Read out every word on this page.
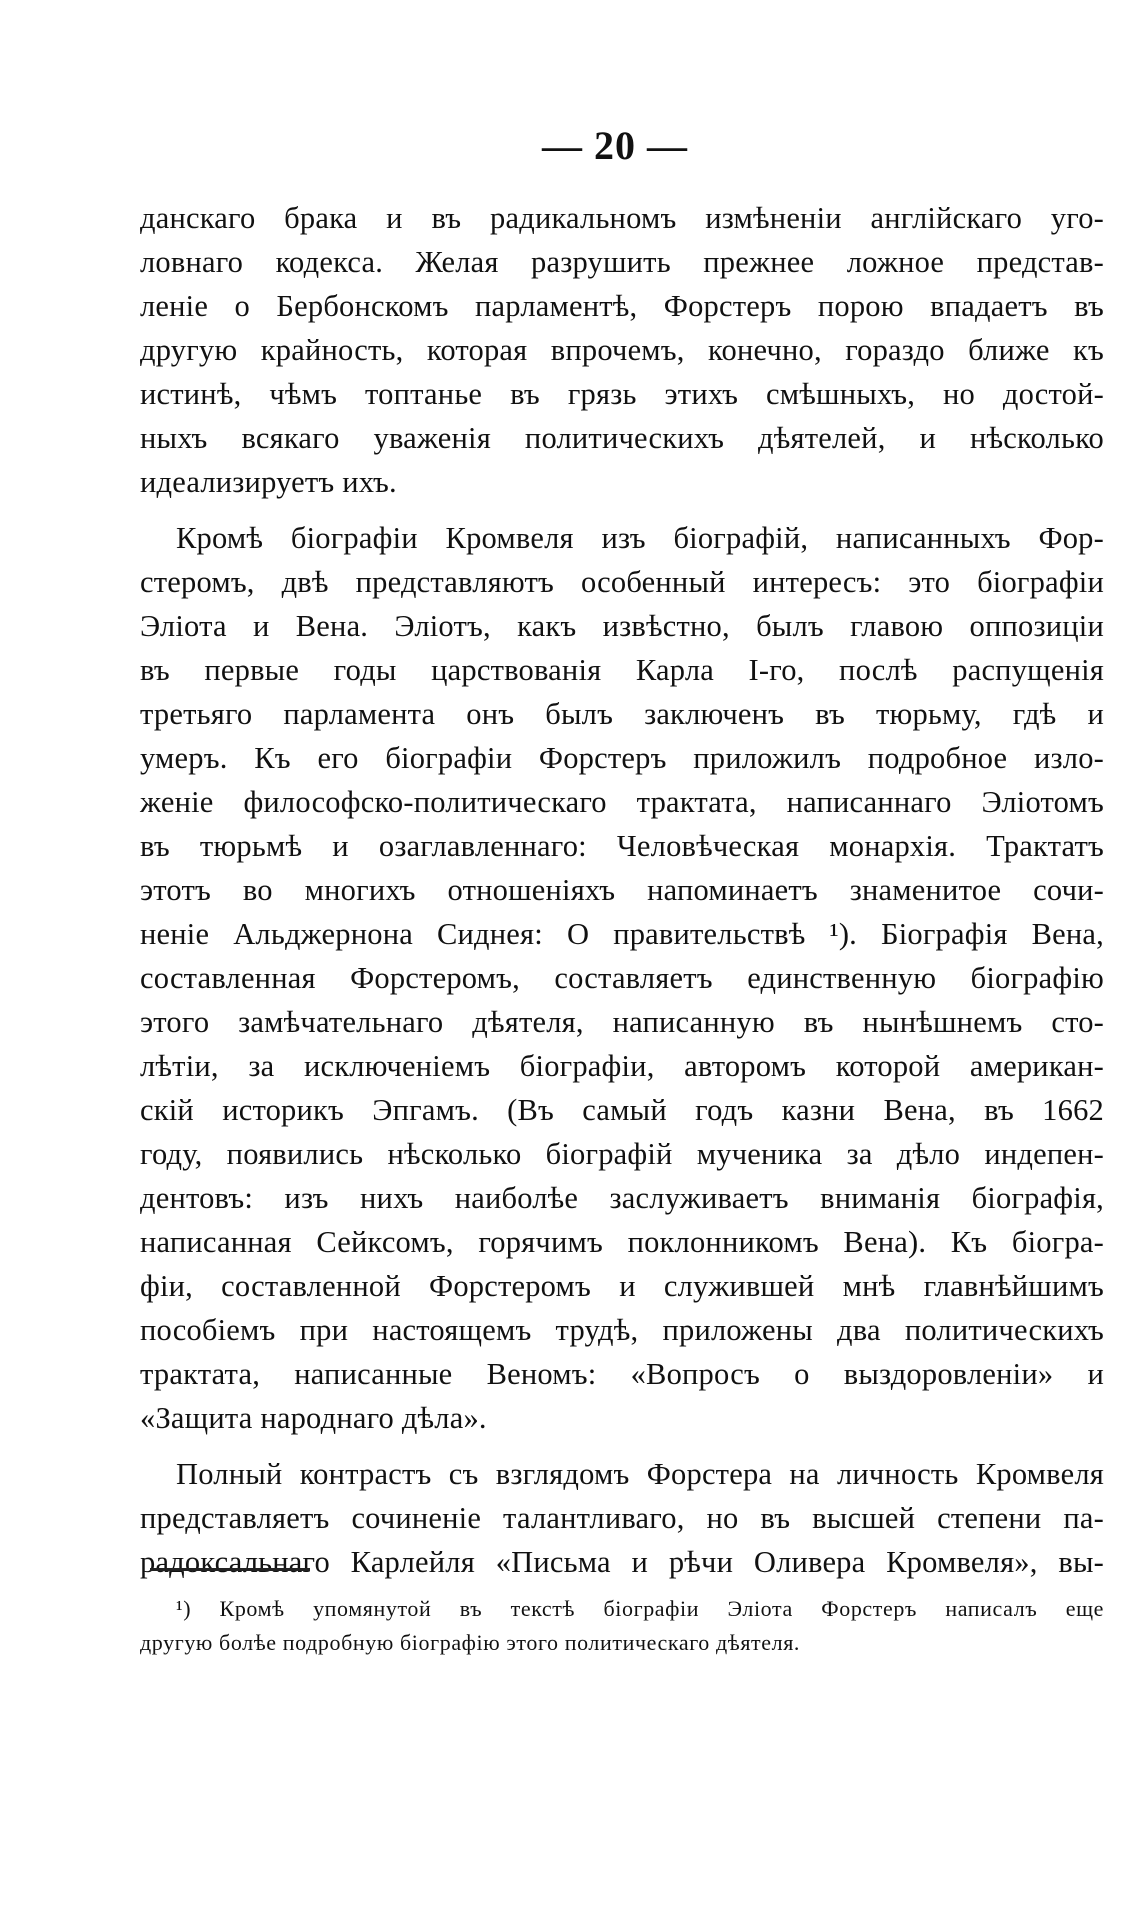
— 20 —
данскаго брака и въ радикальномъ измѣненіи англійскаго уго-
ловнаго кодекса. Желая разрушить прежнее ложное представ-
леніе о Бербонскомъ парламентѣ, Форстеръ порою впадаетъ въ
другую крайность, которая впрочемъ, конечно, гораздо ближе къ
истинѣ, чѣмъ топтанье въ грязь этихъ смѣшныхъ, но достой-
ныхъ всякаго уваженія политическихъ дѣятелей, и нѣсколько
идеализируетъ ихъ.
Кромѣ біографіи Кромвеля изъ біографій, написанныхъ Фор-
стеромъ, двѣ представляютъ особенный интересъ: это біографіи
Эліота и Вена. Эліотъ, какъ извѣстно, былъ главою оппозиціи
въ первые годы царствованія Карла I-го, послѣ распущенія
третьяго парламента онъ былъ заключенъ въ тюрьму, гдѣ и
умеръ. Къ его біографіи Форстеръ приложилъ подробное изло-
женіе философско-политическаго трактата, написаннаго Эліотомъ
въ тюрьмѣ и озаглавленнаго: Человѣческая монархія. Трактатъ
этотъ во многихъ отношеніяхъ напоминаетъ знаменитое сочи-
неніе Альджернона Сиднея: О правительствѣ ¹). Біографія Вена,
составленная Форстеромъ, составляетъ единственную біографію
этого замѣчательнаго дѣятеля, написанную въ нынѣшнемъ сто-
лѣтіи, за исключеніемъ біографіи, авторомъ которой американ-
скій историкъ Эпгамъ. (Въ самый годъ казни Вена, въ 1662
году, появились нѣсколько біографій мученика за дѣло индепен-
дентовъ: изъ нихъ наиболѣе заслуживаетъ вниманія біографія,
написанная Сейксомъ, горячимъ поклонникомъ Вена). Къ біогра-
фіи, составленной Форстеромъ и служившей мнѣ главнѣйшимъ
пособіемъ при настоящемъ трудѣ, приложены два политическихъ
трактата, написанные Веномъ: «Вопросъ о выздоровленіи» и
«Защита народнаго дѣла».
Полный контрастъ съ взглядомъ Форстера на личность Кромвеля
представляетъ сочиненіе талантливаго, но въ высшей степени па-
радоксальнаго Карлейля «Письма и рѣчи Оливера Кромвеля», вы-
¹) Кромѣ упомянутой въ текстѣ біографіи Эліота Форстеръ написалъ еще
другую болѣе подробную біографію этого политическаго дѣятеля.
